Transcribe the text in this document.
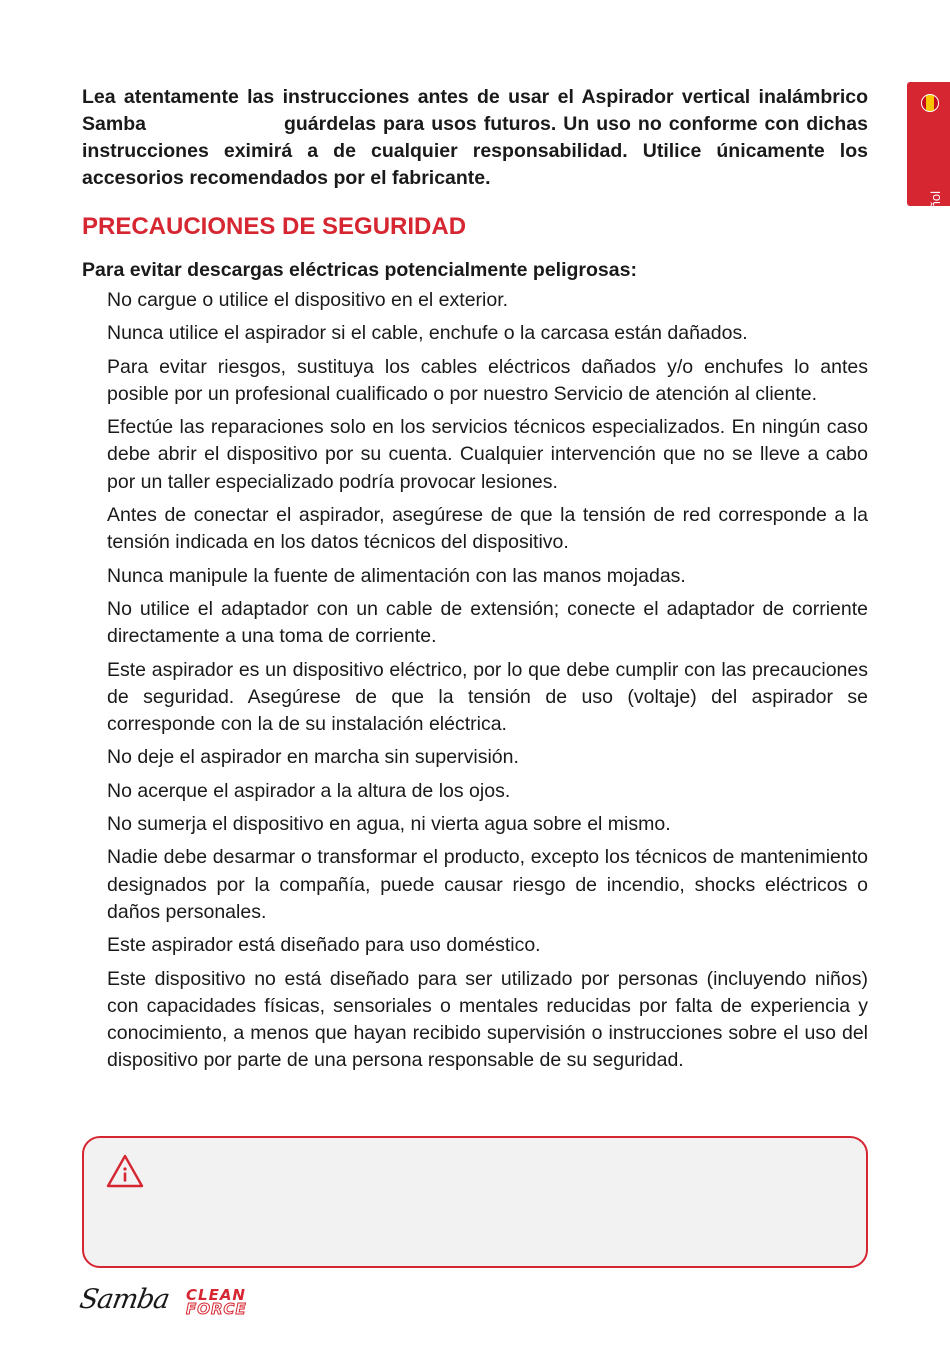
Lea atentamente las instrucciones antes de usar el Aspirador vertical inalámbrico Samba	guárdelas para usos futuros. Un uso no conforme con dichas instrucciones eximirá a de cualquier responsabilidad. Utilice únicamente los accesorios recomendados por el fabricante.

PRECAUCIONES DE SEGURIDAD
Para evitar descargas eléctricas potencialmente peligrosas:
No cargue o utilice el dispositivo en el exterior.
Nunca utilice el aspirador si el cable, enchufe o la carcasa están dañados.
Para evitar riesgos, sustituya los cables eléctricos dañados y/o enchufes lo antes posible por un profesional cualificado o por nuestro Servicio de atención al cliente.
Efectúe las reparaciones solo en los servicios técnicos especializados. En ningún caso debe abrir el dispositivo por su cuenta. Cualquier intervención que no se lleve a cabo por un taller especializado podría provocar lesiones.
Antes de conectar el aspirador, asegúrese de que la tensión de red corresponde a la tensión indicada en los datos técnicos del dispositivo.
Nunca manipule la fuente de alimentación con las manos mojadas.
No utilice el adaptador con un cable de extensión; conecte el adaptador de corriente directamente a una toma de corriente.
Este aspirador es un dispositivo eléctrico, por lo que debe cumplir con las precauciones de seguridad. Asegúrese de que la tensión de uso (voltaje) del aspirador se corresponde con la de su instalación eléctrica.
No deje el aspirador en marcha sin supervisión.
No acerque el aspirador a la altura de los ojos.
No sumerja el dispositivo en agua, ni vierta agua sobre el mismo.
Nadie debe desarmar o transformar el producto, excepto los técnicos de mantenimiento designados por la compañía, puede causar riesgo de incendio, shocks eléctricos o daños personales.
Este aspirador está diseñado para uso doméstico.
Este dispositivo no está diseñado para ser utilizado por personas (incluyendo niños) con capacidades físicas, sensoriales o mentales reducidas por falta de experiencia y conocimiento, a menos que hayan recibido supervisión o instrucciones sobre el uso del dispositivo por parte de una persona responsable de su seguridad.
Español
Samba CLEAN
FORCE
